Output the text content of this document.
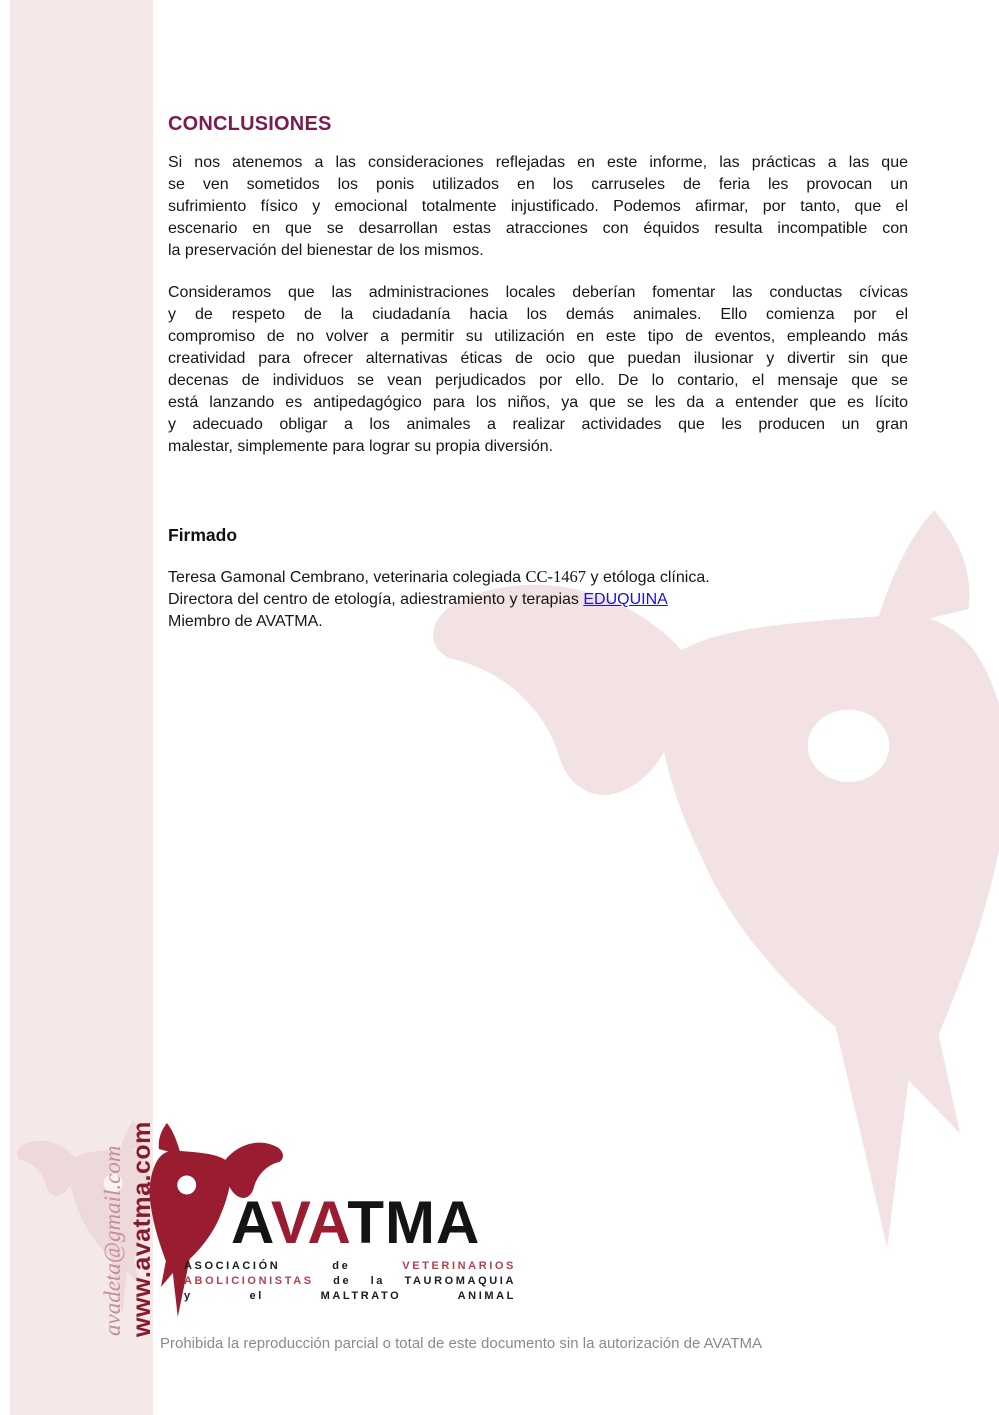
CONCLUSIONES
Si nos atenemos a las consideraciones reflejadas en este informe, las prácticas a las que
se ven sometidos los ponis utilizados en los carruseles de feria les provocan un
sufrimiento físico y emocional totalmente injustificado. Podemos afirmar, por tanto, que el
escenario en que se desarrollan estas atracciones con équidos resulta incompatible con
la preservación del bienestar de los mismos.
Consideramos que las administraciones locales deberían fomentar las conductas cívicas
y de respeto de la ciudadanía hacia los demás animales. Ello comienza por el
compromiso de no volver a permitir su utilización en este tipo de eventos, empleando más
creatividad para ofrecer alternativas éticas de ocio que puedan ilusionar y divertir sin que
decenas de individuos se vean perjudicados por ello. De lo contario, el mensaje que se
está lanzando es antipedagógico para los niños, ya que se les da a entender que es lícito
y adecuado obligar a los animales a realizar actividades que les producen un gran
malestar, simplemente para lograr su propia diversión.
Firmado
Teresa Gamonal Cembrano, veterinaria colegiada CC-1467 y etóloga clínica.
Directora del centro de etología, adiestramiento y terapias EDUQUINA
Miembro de AVATMA.
avadeta@gmail.com www.avatma.com AVATMA
ASOCIACIÓN de VETERINARIOS
ABOLICIONISTAS de la TAUROMAQUIA
y el MALTRATO ANIMAL
Prohibida la reproducción parcial o total de este documento sin la autorización de AVATMA
